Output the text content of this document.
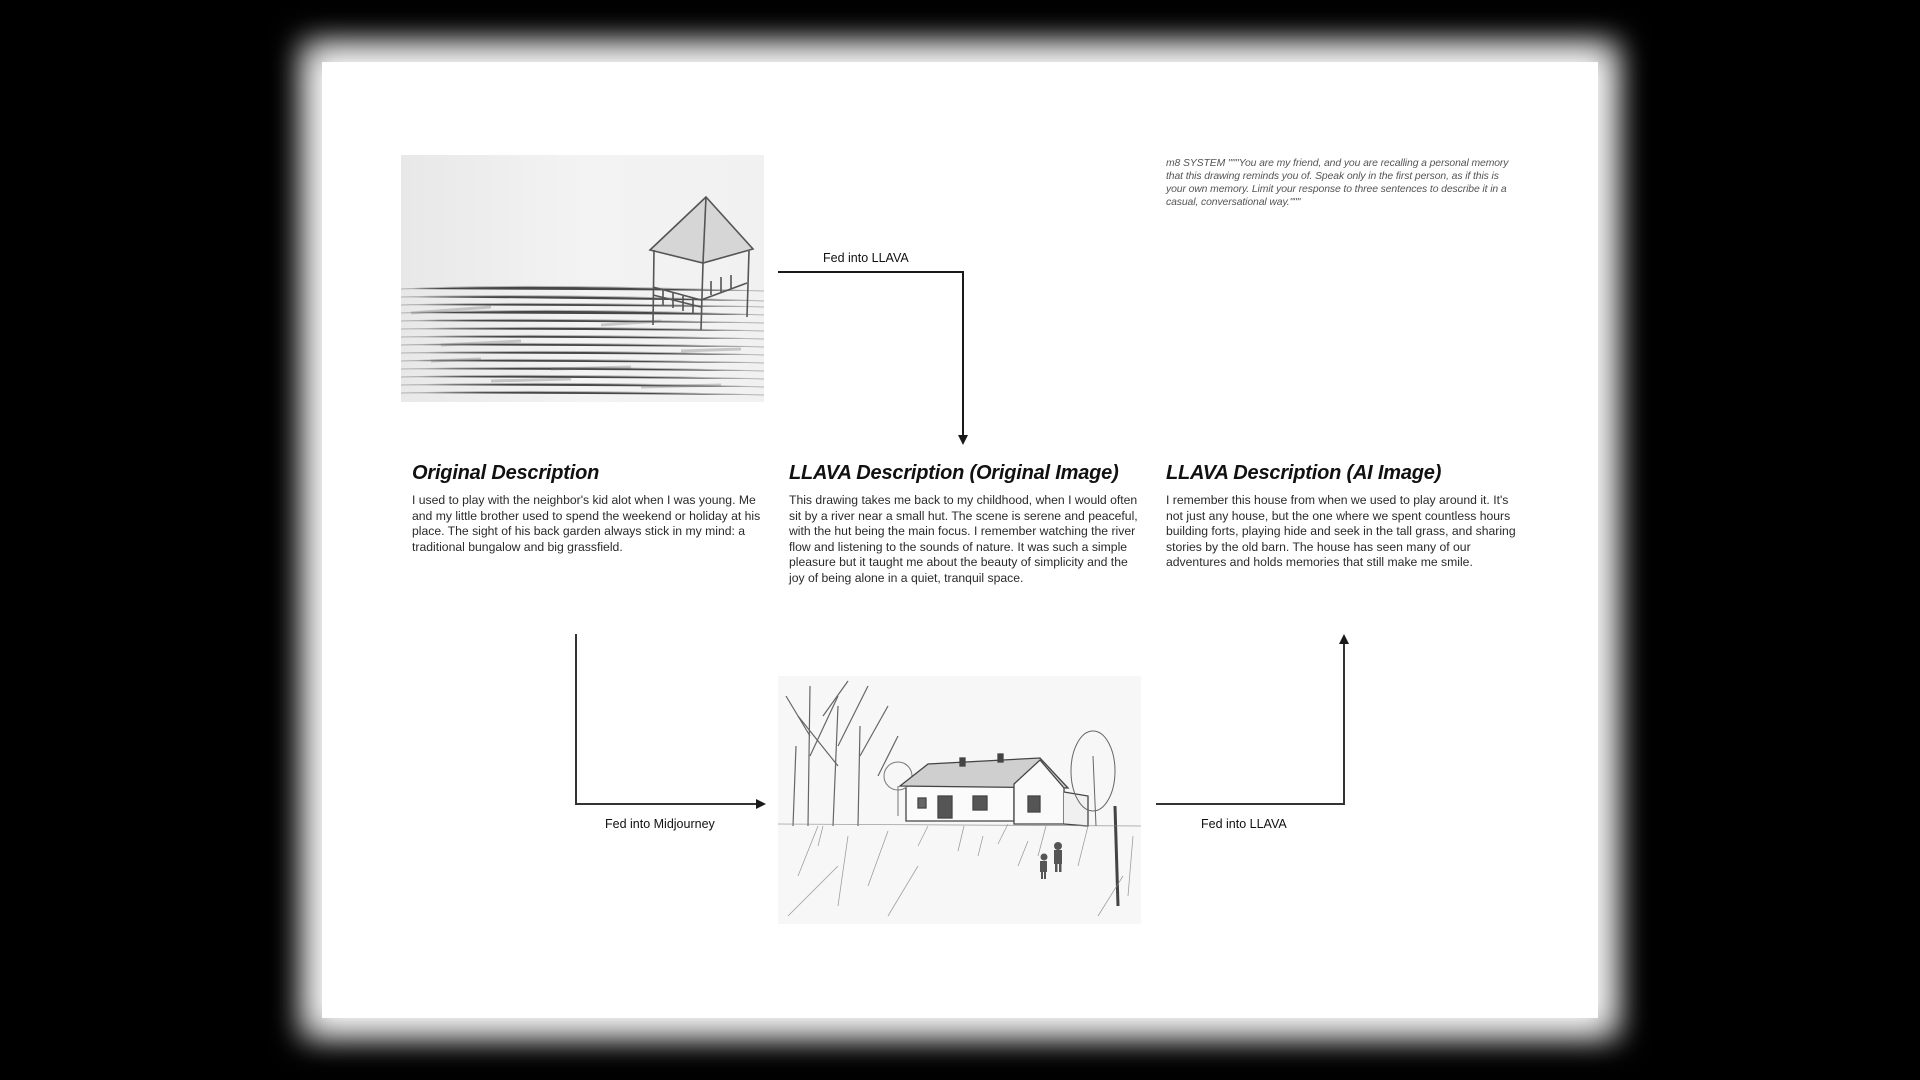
m8 SYSTEM """You are my friend, and you are recalling a personal memory that this drawing reminds you of. Speak only in the first person, as if this is your own memory. Limit your response to three sentences to describe it in a casual, conversational way."""
Fed into LLAVA
Fed into Midjourney	Fed into LLAVA
Original Description

I used to play with the neighbor's kid alot when I was young. Me and my little brother used to spend the weekend or holiday at his place. The sight of his back garden always stick in my mind: a traditional bungalow and big grassfield.

LLAVA Description (Original Image)

This drawing takes me back to my childhood, when I would often sit by a river near a small hut. The scene is serene and peaceful, with the hut being the main focus. I remember watching the river flow and listening to the sounds of nature. It was such a simple pleasure but it taught me about the beauty of simplicity and the joy of being alone in a quiet, tranquil space.

LLAVA Description (AI Image)

I remember this house from when we used to play around it. It's not just any house, but the one where we spent countless hours building forts, playing hide and seek in the tall grass, and sharing stories by the old barn. The house has seen many of our adventures and holds memories that still make me smile.
